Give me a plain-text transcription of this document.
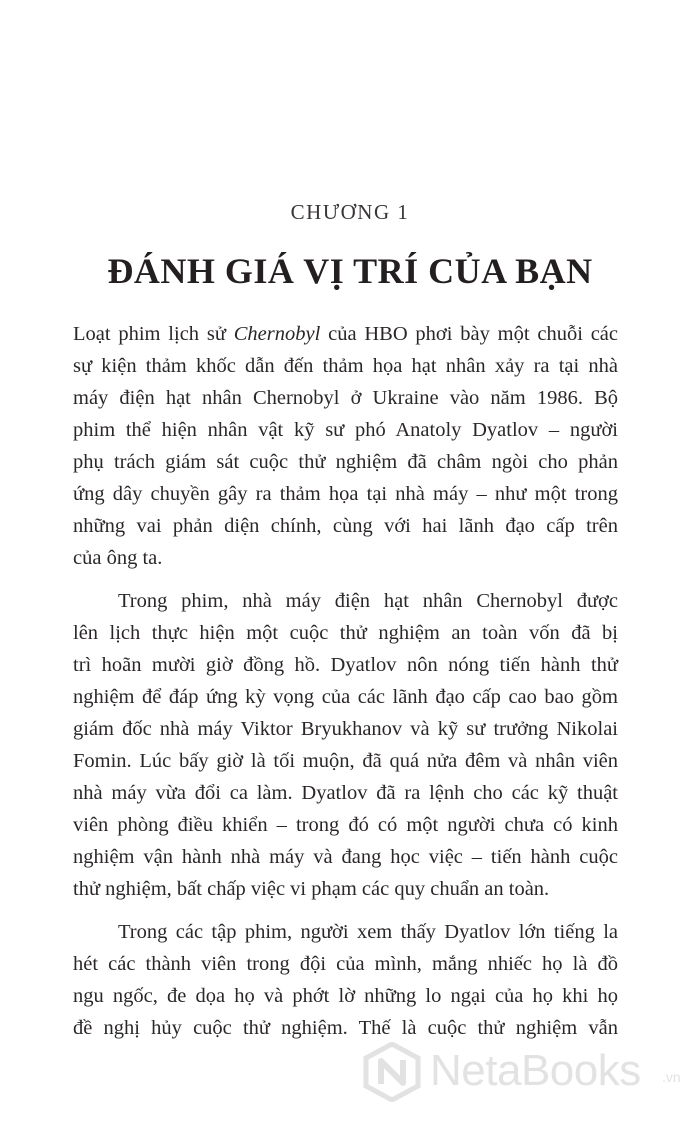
CHƯƠNG 1
ĐÁNH GIÁ VỊ TRÍ CỦA BẠN
Loạt phim lịch sử Chernobyl của HBO phơi bày một chuỗi các
sự kiện thảm khốc dẫn đến thảm họa hạt nhân xảy ra tại nhà
máy điện hạt nhân Chernobyl ở Ukraine vào năm 1986. Bộ
phim thể hiện nhân vật kỹ sư phó Anatoly Dyatlov – người
phụ trách giám sát cuộc thử nghiệm đã châm ngòi cho phản
ứng dây chuyền gây ra thảm họa tại nhà máy – như một trong
những vai phản diện chính, cùng với hai lãnh đạo cấp trên
của ông ta.
Trong phim, nhà máy điện hạt nhân Chernobyl được
lên lịch thực hiện một cuộc thử nghiệm an toàn vốn đã bị
trì hoãn mười giờ đồng hồ. Dyatlov nôn nóng tiến hành thử
nghiệm để đáp ứng kỳ vọng của các lãnh đạo cấp cao bao gồm
giám đốc nhà máy Viktor Bryukhanov và kỹ sư trưởng Nikolai
Fomin. Lúc bấy giờ là tối muộn, đã quá nửa đêm và nhân viên
nhà máy vừa đổi ca làm. Dyatlov đã ra lệnh cho các kỹ thuật
viên phòng điều khiển – trong đó có một người chưa có kinh
nghiệm vận hành nhà máy và đang học việc – tiến hành cuộc
thử nghiệm, bất chấp việc vi phạm các quy chuẩn an toàn.
Trong các tập phim, người xem thấy Dyatlov lớn tiếng la
hét các thành viên trong đội của mình, mắng nhiếc họ là đồ
ngu ngốc, đe dọa họ và phớt lờ những lo ngại của họ khi họ
đề nghị hủy cuộc thử nghiệm. Thế là cuộc thử nghiệm vẫn
NetaBooks .vn
